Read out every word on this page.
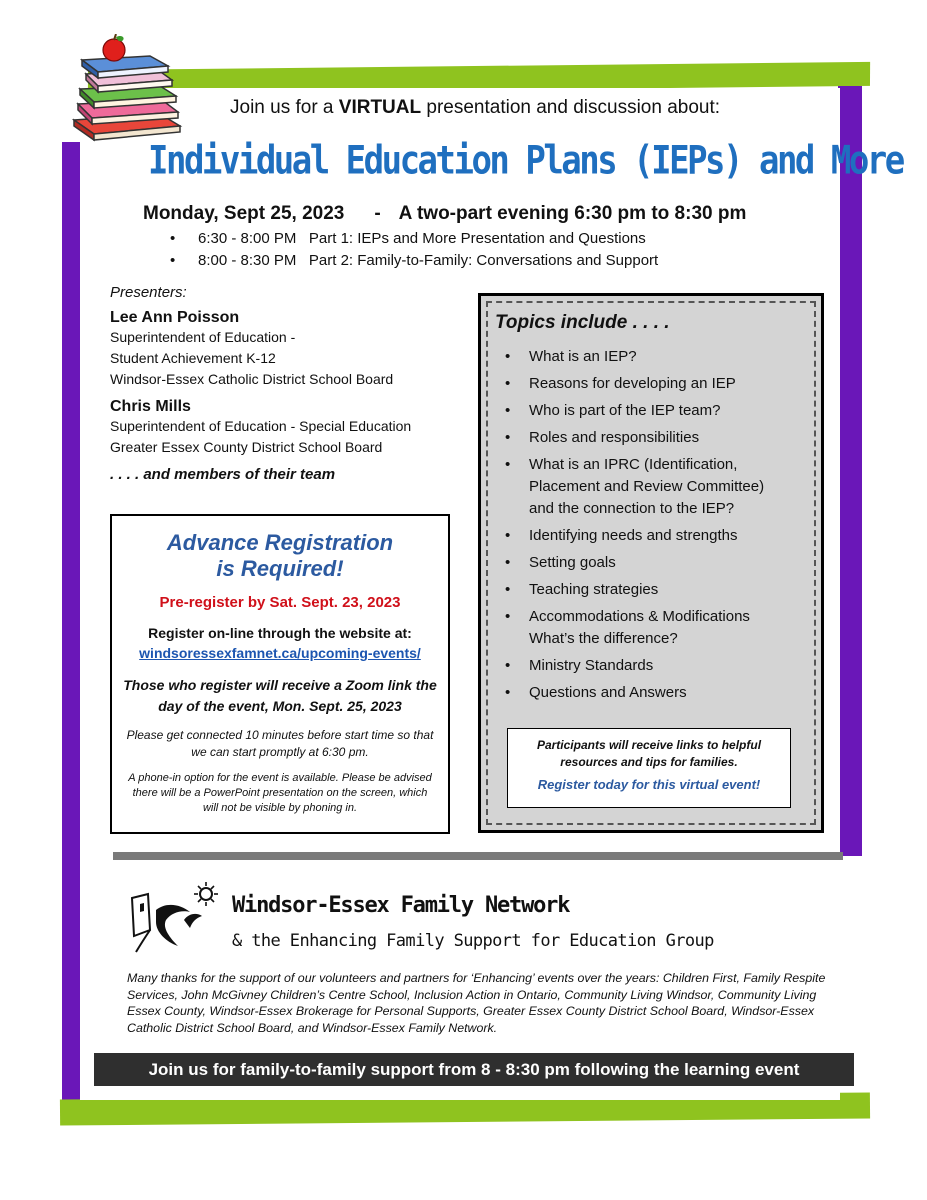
Join us for a VIRTUAL presentation and discussion about:
Individual Education Plans (IEPs) and More
Monday, Sept 25, 2023 - A two-part evening 6:30 pm to 8:30 pm
• 6:30 - 8:00 PM Part 1: IEPs and More Presentation and Questions
• 8:00 - 8:30 PM Part 2: Family-to-Family: Conversations and Support
Presenters:
Lee Ann Poisson
Superintendent of Education -
Student Achievement K-12
Windsor-Essex Catholic District School Board
Chris Mills
Superintendent of Education - Special Education
Greater Essex County District School Board
. . . . and members of their team
Advance Registration
is Required!
Pre-register by Sat. Sept. 23, 2023
Register on-line through the website at:
windsoressexfamnet.ca/upcoming-events/
Those who register will receive a Zoom link the day of the event, Mon. Sept. 25, 2023
Please get connected 10 minutes before start time so that we can start promptly at 6:30 pm.
A phone-in option for the event is available. Please be advised there will be a PowerPoint presentation on the screen, which will not be visible by phoning in.
Topics include . . . .
• What is an IEP?
• Reasons for developing an IEP
• Who is part of the IEP team?
• Roles and responsibilities
• What is an IPRC (Identification, Placement and Review Committee) and the connection to the IEP?
• Identifying needs and strengths
• Setting goals
• Teaching strategies
• Accommodations & Modifications What’s the difference?
• Ministry Standards
• Questions and Answers
Participants will receive links to helpful resources and tips for families.
Register today for this virtual event!
Windsor-Essex Family Network
& the Enhancing Family Support for Education Group
Many thanks for the support of our volunteers and partners for ‘Enhancing’ events over the years: Children First, Family Respite Services, John McGivney Children’s Centre School, Inclusion Action in Ontario, Community Living Windsor, Community Living Essex County, Windsor-Essex Brokerage for Personal Supports, Greater Essex County District School Board, Windsor-Essex Catholic District School Board, and Windsor-Essex Family Network.
Join us for family-to-family support from 8 - 8:30 pm following the learning event
